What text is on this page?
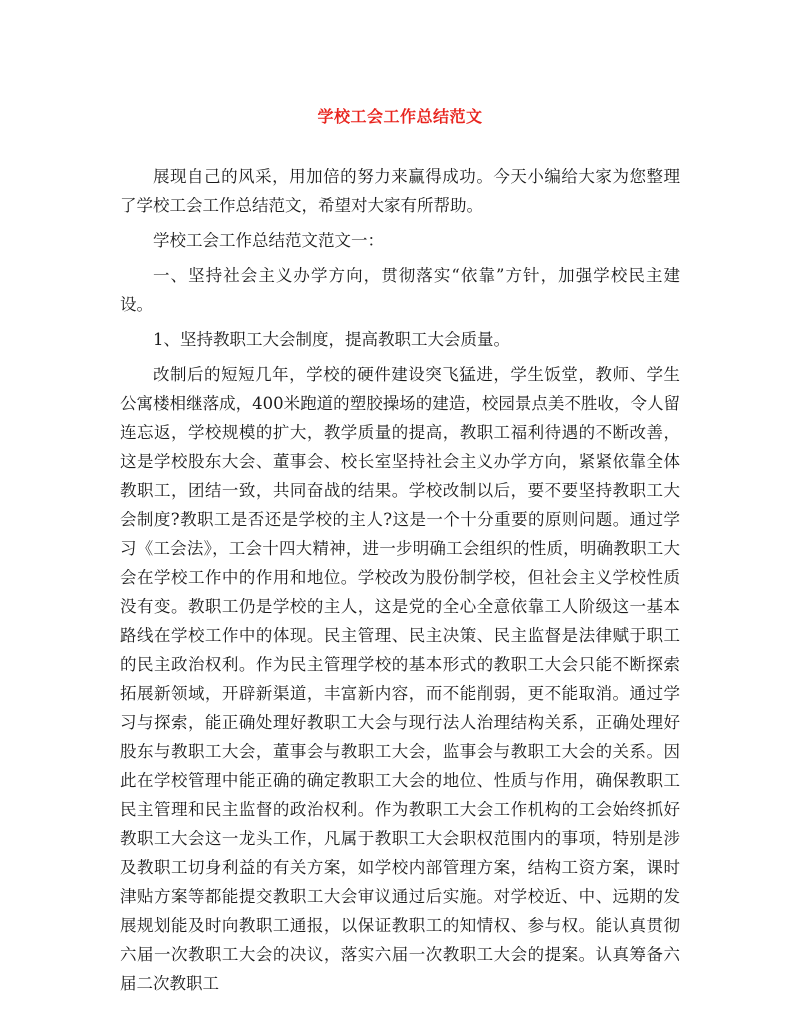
学校工会工作总结范文

展现自己的风采，用加倍的努力来赢得成功。今天小编给大家为您整理了学校工会工作总结范文，希望对大家有所帮助。

学校工会工作总结范文范文一：

一、坚持社会主义办学方向，贯彻落实“依靠”方针，加强学校民主建设。

1、坚持教职工大会制度，提高教职工大会质量。

改制后的短短几年，学校的硬件建设突飞猛进，学生饭堂，教师、学生公寓楼相继落成，400米跑道的塑胶操场的建造，校园景点美不胜收，令人留连忘返，学校规模的扩大，教学质量的提高，教职工福利待遇的不断改善，这是学校股东大会、董事会、校长室坚持社会主义办学方向，紧紧依靠全体教职工，团结一致，共同奋战的结果。学校改制以后，要不要坚持教职工大会制度?教职工是否还是学校的主人?这是一个十分重要的原则问题。通过学习《工会法》，工会十四大精神，进一步明确工会组织的性质，明确教职工大会在学校工作中的作用和地位。学校改为股份制学校，但社会主义学校性质没有变。教职工仍是学校的主人，这是党的全心全意依靠工人阶级这一基本路线在学校工作中的体现。民主管理、民主决策、民主监督是法律赋于职工的民主政治权利。作为民主管理学校的基本形式的教职工大会只能不断探索拓展新领域，开辟新渠道，丰富新内容，而不能削弱，更不能取消。通过学习与探索，能正确处理好教职工大会与现行法人治理结构关系，正确处理好股东与教职工大会，董事会与教职工大会，监事会与教职工大会的关系。因此在学校管理中能正确的确定教职工大会的地位、性质与作用，确保教职工民主管理和民主监督的政治权利。作为教职工大会工作机构的工会始终抓好教职工大会这一龙头工作，凡属于教职工大会职权范围内的事项，特别是涉及教职工切身利益的有关方案，如学校内部管理方案，结构工资方案，课时津贴方案等都能提交教职工大会审议通过后实施。对学校近、中、远期的发展规划能及时向教职工通报，以保证教职工的知情权、参与权。能认真贯彻六届一次教职工大会的决议，落实六届一次教职工大会的提案。认真筹备六届二次教职工
